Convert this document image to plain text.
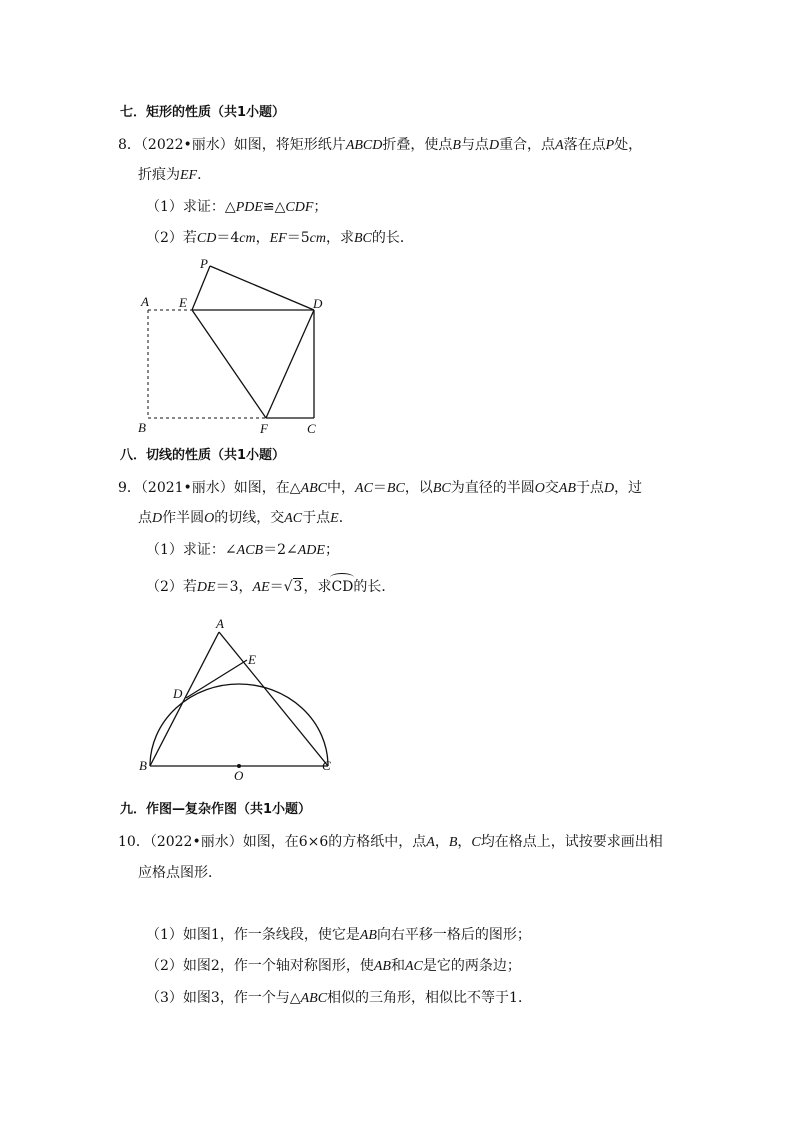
七．矩形的性质（共1小题）
8．（2022•丽水）如图，将矩形纸片ABCD折叠，使点B与点D重合，点A落在点P处，
折痕为EF．
（1）求证：△PDE≌△CDF；
（2）若CD＝4cm，EF＝5cm，求BC的长．
P
A E	D
B	F	C
八．切线的性质（共1小题）
9．（2021•丽水）如图，在△ABC中，AC＝BC，以BC为直径的半圆O交AB于点D，过
点D作半圆O的切线，交AC于点E．
（1）求证：∠ACB＝2∠ADE；
（2）若DE＝3，AE＝√3，求CD的长．
A
E
D
B
O
C
九．作图—复杂作图（共1小题）
10．（2022•丽水）如图，在6×6的方格纸中，点A，B，C均在格点上，试按要求画出相
应格点图形．
（1）如图1，作一条线段，使它是AB向右平移一格后的图形；
（2）如图2，作一个轴对称图形，使AB和AC是它的两条边；
（3）如图3，作一个与△ABC相似的三角形，相似比不等于1．
